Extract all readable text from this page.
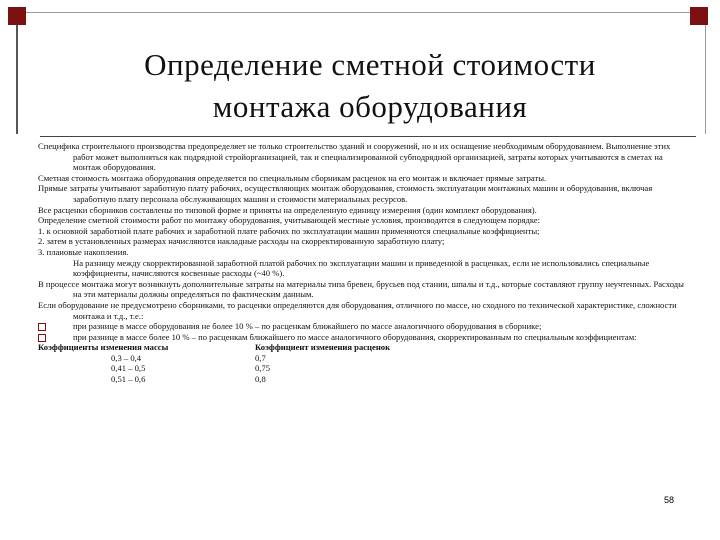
Определение сметной стоимости
монтажа оборудования

Специфика строительного производства предопределяет не только строительство зданий и сооружений, но и их оснащение необходимым оборудованием. Выполнение этих работ может выполняться как подрядной стройорганизацией, так и специализированной субподрядной организацией, затраты которых учитываются в сметах на монтаж оборудования.

Сметная стоимость монтажа оборудования определяется по специальным сборникам расценок на его монтаж и включает прямые затраты.

Прямые затраты учитывают заработную плату рабочих, осуществляющих монтаж оборудования, стоимость эксплуатации монтажных машин и оборудования, включая заработную плату персонала обслуживающих машин и стоимости материальных ресурсов.

Все расценки сборников составлены по типовой форме и приняты на определенную единицу измерения (один комплект оборудования).

Определение сметной стоимости работ по монтажу оборудования, учитывающей местные условия, производится в следующем порядке:

1. к основной заработной плате рабочих и заработной плате рабочих по эксплуатации машин применяются специальные коэффициенты;

2. затем в установленных размерах начисляются накладные расходы на скорректированную заработную плату;

3. плановые накопления.

На разницу между скорректированной заработной платой рабочих по эксплуатации машин и приведенной в расценках, если не использовались специальные коэффициенты, начисляются косвенные расходы (~40 %).

В процессе монтажа могут возникнуть дополнительные затраты на материалы типа бревен, брусьев под стании, шпалы и т.д., которые составляют группу неучтенных. Расходы на эти материалы должны определяться по фактическим данным.

Если оборудование не предусмотрено сборниками, то расценки определяются для оборудования, отличного по массе, но сходного по технической характеристике, сложности монтажа и т.д., т.е.:

при разнице в массе оборудования не более 10 % – по расценкам ближайшего по массе аналогичного оборудования в сборнике;
при разнице в массе более 10 % – по расценкам ближайшего по массе аналогичного оборудования, скорректированным по специальным коэффициентам:
Коэффициенты изменения массы	Коэффициент изменения расценок
0,3 – 0,4	0,7
0,41 – 0,5	0,75
0,51 – 0,6	0,8
58
